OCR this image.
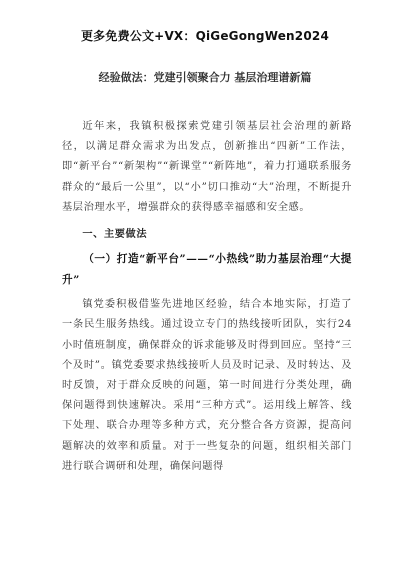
更多免费公文+VX：QiGeGongWen2024
经验做法：党建引领聚合力 基层治理谱新篇

近年来，我镇积极探索党建引领基层社会治理的新路径，以满足群众需求为出发点，创新推出“四新”工作法，即“新平台”“新架构”“新课堂”“新阵地”，着力打通联系服务群众的“最后一公里”，以“小”切口推动“大”治理，不断提升基层治理水平，增强群众的获得感幸福感和安全感。

一、主要做法

（一）打造“新平台”——“小热线”助力基层治理“大提升”

镇党委积极借鉴先进地区经验，结合本地实际，打造了一条民生服务热线。通过设立专门的热线接听团队，实行24小时值班制度，确保群众的诉求能够及时得到回应。坚持“三个及时”。镇党委要求热线接听人员及时记录、及时转达、及时反馈，对于群众反映的问题，第一时间进行分类处理，确保问题得到快速解决。采用“三种方式”。运用线上解答、线下处理、联合办理等多种方式，充分整合各方资源，提高问题解决的效率和质量。对于一些复杂的问题，组织相关部门进行联合调研和处理，确保问题得
